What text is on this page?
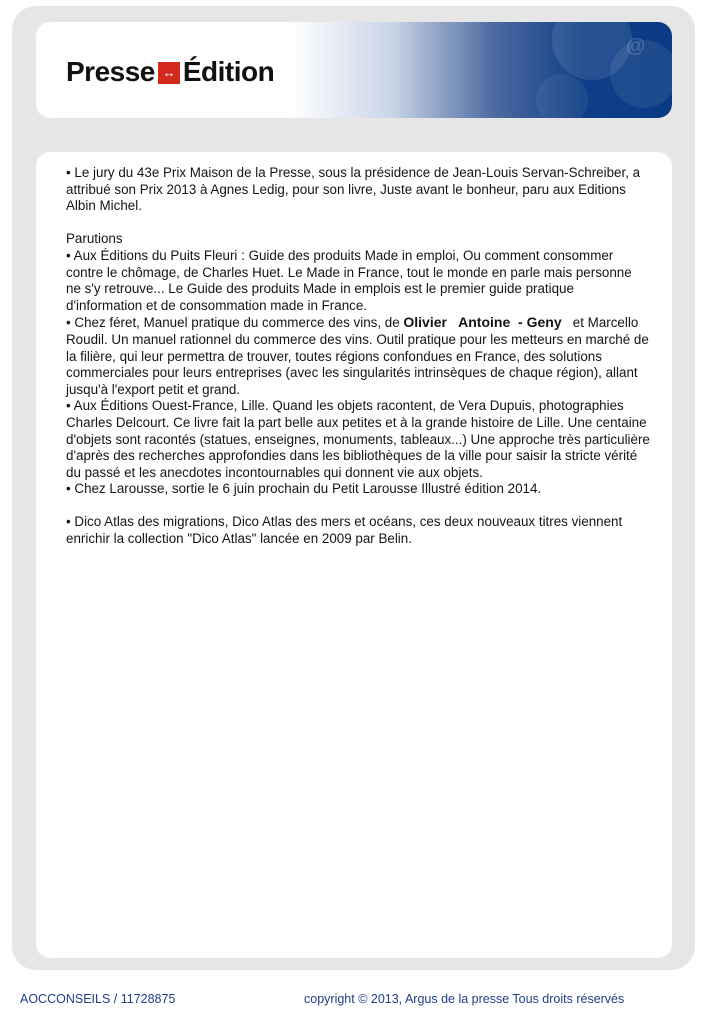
@
Presse ↔ Édition

• Le jury du 43e Prix Maison de la Presse, sous la présidence de Jean-Louis Servan-Schreiber, a attribué son Prix 2013 à Agnes Ledig, pour son livre, Juste avant le bonheur, paru aux Editions Albin Michel.

Parutions

• Aux Éditions du Puits Fleuri : Guide des produits Made in emploi, Ou comment consommer contre le chômage, de Charles Huet. Le Made in France, tout le monde en parle mais personne ne s'y retrouve... Le Guide des produits Made in emplois est le premier guide pratique d'information et de consommation made in France.

• Chez féret, Manuel pratique du commerce des vins, de Olivier Antoine  - Geny   et Marcello Roudil. Un manuel rationnel du commerce des vins. Outil pratique pour les metteurs en marché de la filière, qui leur permettra de trouver, toutes régions confondues en France, des solutions commerciales pour leurs entreprises (avec les singularités intrinsèques de chaque région), allant jusqu'à l'export petit et grand.

• Aux Éditions Ouest-France, Lille. Quand les objets racontent, de Vera Dupuis, photographies Charles Delcourt. Ce livre fait la part belle aux petites et à la grande histoire de Lille. Une centaine d'objets sont racontés (statues, enseignes, monuments, tableaux...) Une approche très particulière d'après des recherches approfondies dans les bibliothèques de la ville pour saisir la stricte vérité du passé et les anecdotes incontournables qui donnent vie aux objets.

• Chez Larousse, sortie le 6 juin prochain du Petit Larousse Illustré édition 2014.

• Dico Atlas des migrations, Dico Atlas des mers et océans, ces deux nouveaux titres viennent enrichir la collection "Dico Atlas" lancée en 2009 par Belin.

AOCCONSEILS / 11728875	copyright © 2013, Argus de la presse Tous droits réservés
